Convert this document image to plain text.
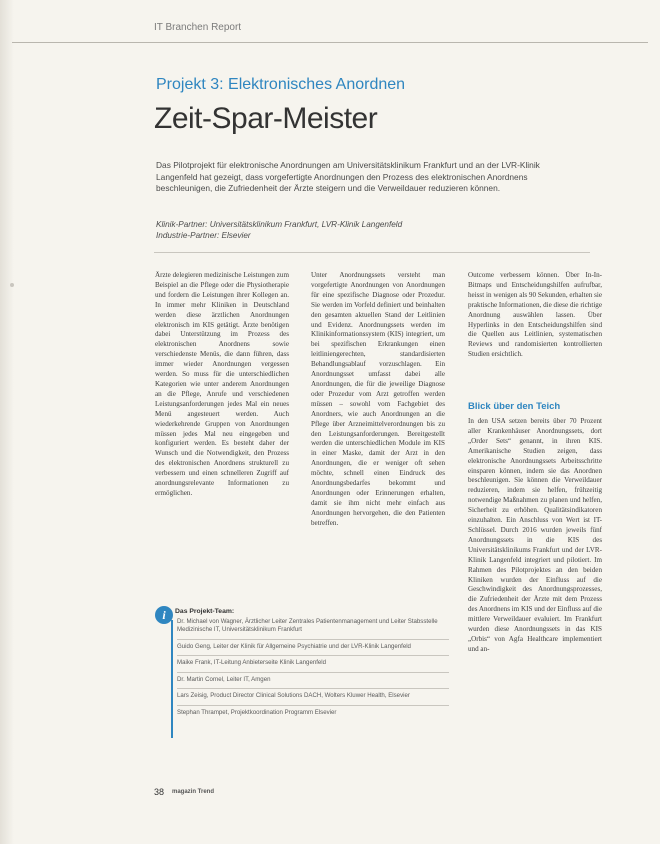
IT Branchen Report
Projekt 3: Elektronisches Anordnen
Zeit-Spar-Meister

Das Pilotprojekt für elektronische Anordnungen am Universitätsklinikum Frankfurt und an der LVR-Klinik Langenfeld hat gezeigt, dass vorgefertigte Anordnungen den Prozess des elektronischen Anordnens beschleunigen, die Zufriedenheit der Ärzte steigern und die Verweildauer reduzieren können.

Klinik-Partner: Universitätsklinikum Frankfurt, LVR-Klinik Langenfeld
Industrie-Partner: Elsevier

Ärzte delegieren medizinische Leistungen zum Beispiel an die Pflege oder die Physiotherapie und fordern die Leistungen ihrer Kollegen an. In immer mehr Kliniken in Deutschland werden diese ärztlichen Anordnungen elektronisch im KIS getätigt. Ärzte benötigen dabei Unterstützung im Prozess des elektronischen Anordnens sowie verschiedenste Menüs, die dann führen, dass immer wieder Anordnungen vergessen werden. So muss für die unterschiedlichen Kategorien wie unter anderem Anordnungen an die Pflege, Anrufe und verschiedenen Leistungsanforderungen jedes Mal ein neues Menü angesteuert werden. Auch wiederkehrende Gruppen von Anordnungen müssen jedes Mal neu eingegeben und konfiguriert werden. Es besteht daher der Wunsch und die Notwendigkeit, den Prozess des elektronischen Anordnens strukturell zu verbessern und einen schnelleren Zugriff auf anordnungsrelevante Informationen zu ermöglichen.

Unter Anordnungssets versteht man vorgefertigte Anordnungen von Anordnungen für eine spezifische Diagnose oder Prozedur. Sie werden im Vorfeld definiert und beinhalten den gesamten aktuellen Stand der Leitlinien und Evidenz. Anordnungssets werden im Klinikinformationssystem (KIS) integriert, um bei spezifischen Erkrankungen einen leitliniengerechten, standardisierten Behandlungsablauf vorzuschlagen. Ein Anordnungsset umfasst dabei alle Anordnungen, die für die jeweilige Diagnose oder Prozedur vom Arzt getroffen werden müssen – sowohl vom Fachgebiet des Anordners, wie auch Anordnungen an die Pflege über Arzneimittelverordnungen bis zu den Leistungsanforderungen. Bereitgestellt werden die unterschiedlichen Module im KIS in einer Maske, damit der Arzt in den Anordnungen, die er weniger oft sehen möchte, schnell einen Eindruck des Anordnungsbedarfes bekommt und Anordnungen oder Erinnerungen erhalten, damit sie ihm nicht mehr einfach aus Anordnungen hervorgehen, die den Patienten betreffen.

Outcome verbessern können. Über In-In-Bitmaps und Entscheidungshilfen aufrufbar, heisst in wenigen als 90 Sekunden, erhalten sie praktische Informationen, die diese die richtige Anordnung auswählen lassen. Über Hyperlinks in den Entscheidungshilfen sind die Quellen aus Leitlinien, systematischen Reviews und randomisierten kontrollierten Studien ersichtlich.

Blick über den Teich

In den USA setzen bereits über 70 Prozent aller Krankenhäuser Anordnungssets, dort „Order Sets“ genannt, in ihren KIS. Amerikanische Studien zeigen, dass elektronische Anordnungssets Arbeitsschritte einsparen können, indem sie das Anordnen beschleunigen. Sie können die Verweildauer reduzieren, indem sie helfen, frühzeitig notwendige Maßnahmen zu planen und helfen, Sicherheit zu erhöhen. Qualitätsindikatoren einzuhalten. Ein Anschluss von Wert ist IT-Schlüssel. Durch 2016 wurden jeweils fünf Anordnungssets in die KIS des Universitätsklinikums Frankfurt und der LVR-Klinik Langenfeld integriert und pilotiert. Im Rahmen des Pilotprojektes an den beiden Kliniken wurden der Einfluss auf die Geschwindigkeit des Anordnungsprozesses, die Zufriedenheit der Ärzte mit dem Prozess des Anordnens im KIS und der Einfluss auf die mittlere Verweildauer evaluiert. Im Frankfurt wurden diese Anordnungssets in das KIS „Orbis“ von Agfa Healthcare implementiert und an-

i	Das Projekt-Team:
Dr. Michael von Wagner, Ärztlicher Leiter Zentrales Patientenmanagement und Leiter Stabsstelle Medizinische IT, Universitätsklinikum Frankfurt
Guido Geng, Leiter der Klinik für Allgemeine Psychiatrie und der LVR-Klinik Langenfeld
Maike Frank, IT-Leitung Anbieterseite Klinik Langenfeld
Dr. Martin Cornel, Leiter IT, Amgen
Lars Zeisig, Product Director Clinical Solutions DACH, Wolters Kluwer Health, Elsevier
Stephan Thrampet, Projektkoordination Programm Elsevier
38 magazin Trend
